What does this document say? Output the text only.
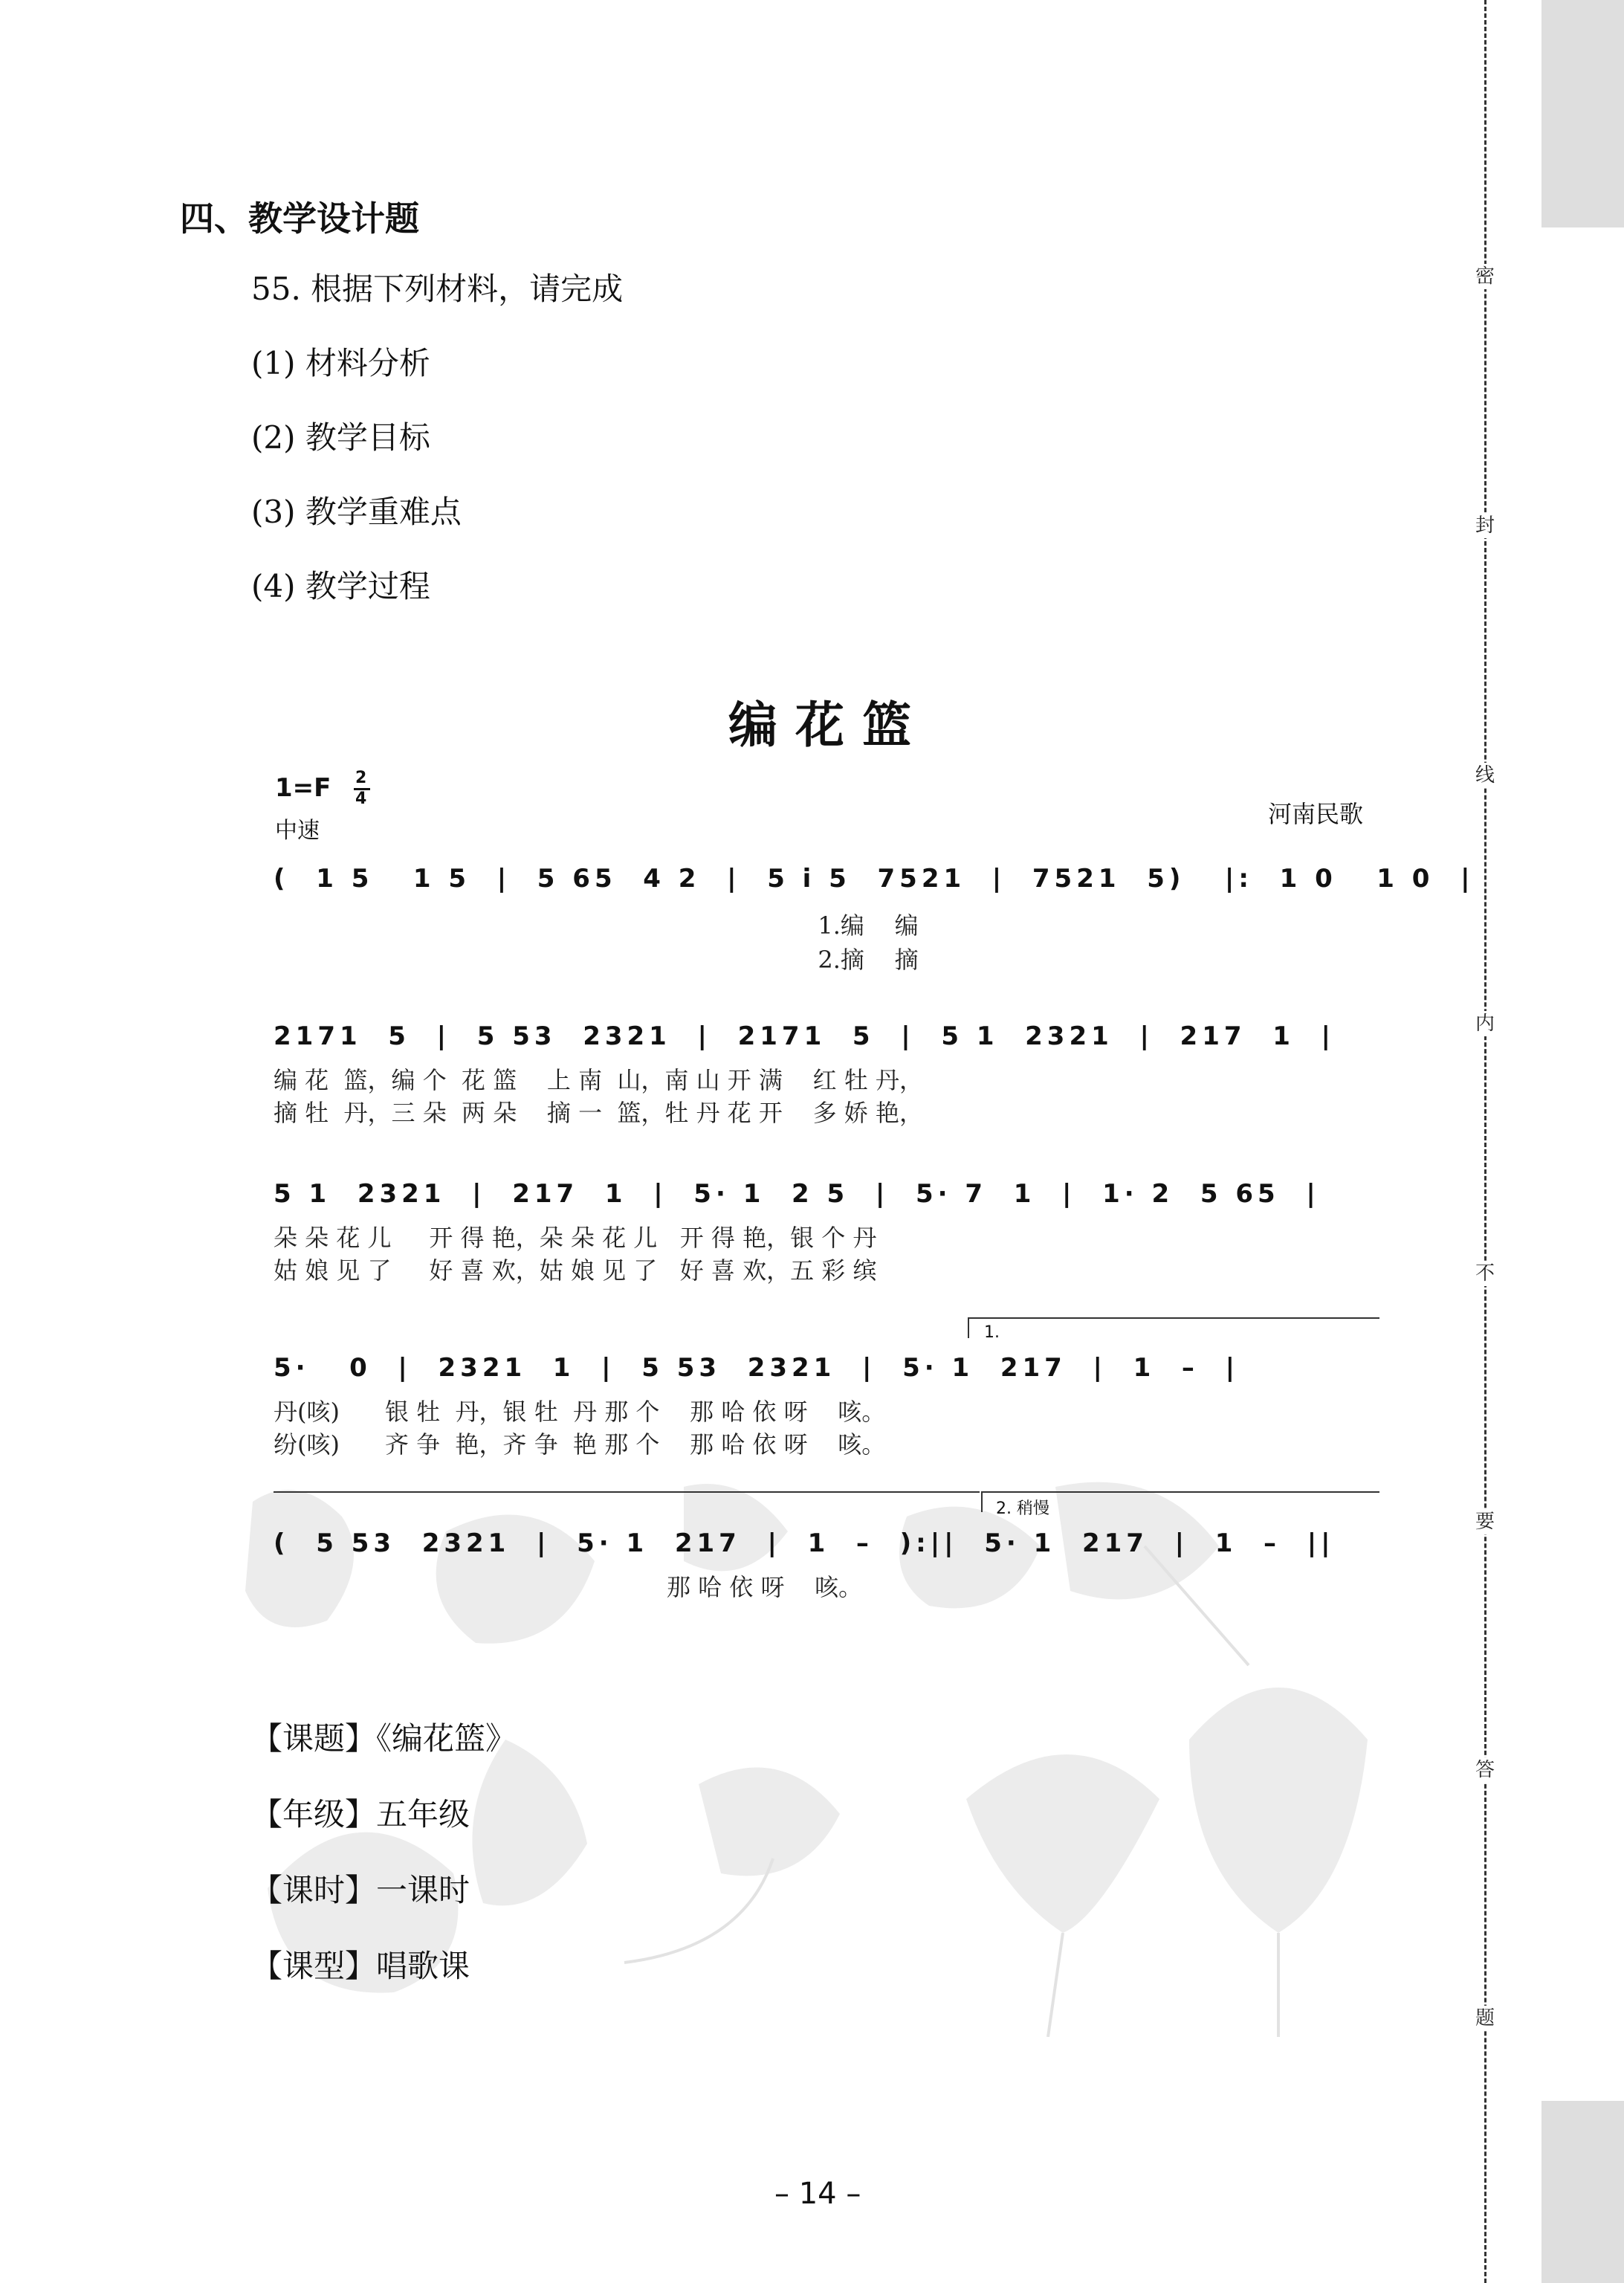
密
封
线
内
不
要
答
题
四、教学设计题
55. 根据下列材料，请完成
(1) 材料分析
(2) 教学目标
(3) 教学重难点
(4) 教学过程
编花篮
1=F 2
4
中速
河南民歌
(  1 5   1 5  |  5 65  4 2  |  5 i 5  7521  |  7521  5)   |:  1 0   1 0  |
1.编    编
2.摘    摘
2171  5  |  5 53  2321  |  2171  5  |  5 1  2321  |  217  1  |
编 花  篮，编 个  花 篮    上 南  山，南 山 开 满    红 牡 丹，
摘 牡  丹，三 朵  两 朵    摘 一  篮，牡 丹 花 开    多 娇 艳，
5 1  2321  |  217  1  |  5· 1  2 5  |  5· 7  1  |  1· 2  5 65  |
朵 朵 花 儿     开 得 艳，朵 朵 花 儿   开 得 艳，银 个 丹
姑 娘 见 了     好 喜 欢，姑 娘 见 了   好 喜 欢，五 彩 缤
1.
5·   0  |  2321  1  |  5 53  2321  |  5· 1  217  |  1  –  |
丹(咳)      银 牡  丹，银 牡  丹 那 个    那 哈 依 呀    咳。
纷(咳)      齐 争  艳，齐 争  艳 那 个    那 哈 依 呀    咳。
2. 稍慢
(  5 53  2321  |  5· 1  217  |  1  –  ):||  5· 1  217  |  1  –  ||
那 哈 依 呀    咳。
【课题】《编花篮》
【年级】五年级
【课时】一课时
【课型】唱歌课
– 14 –
